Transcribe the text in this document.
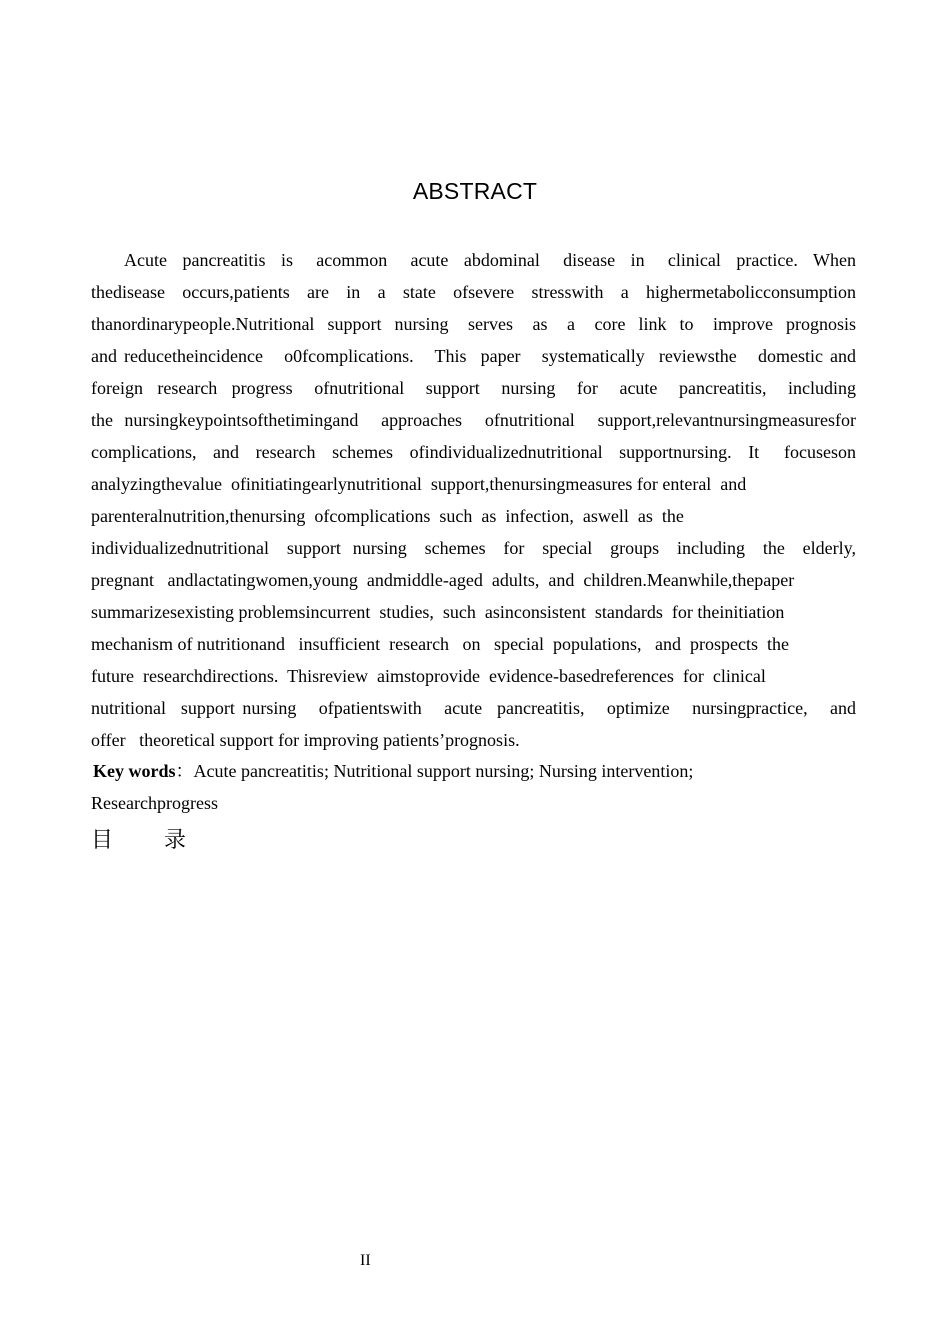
ABSTRACT
Acute  pancreatitis  is   acommon   acute  abdominal   disease  in   clinical  practice.  When
thedisease  occurs,patients  are  in  a  state  ofsevere  stresswith  a  highermetabolicconsumption
thanordinarypeople.Nutritional  support  nursing   serves   as   a   core  link  to   improve  prognosis
and reducetheincidence   o0fcomplications.   This  paper   systematically  reviewsthe   domestic and
foreign  research  progress   ofnutritional   support   nursing   for   acute   pancreatitis,   including
the nursingkeypointsofthetimingand  approaches  ofnutritional  support,relevantnursingmeasuresfor
complications,  and  research  schemes  ofindividualizednutritional  supportnursing.  It   focuseson
analyzingthevalue  ofinitiatingearlynutritional  support,thenursingmeasures for enteral  and
parenteralnutrition,thenursing  ofcomplications  such  as  infection,  aswell  as  the
individualizednutritional   support  nursing   schemes   for   special   groups   including   the   elderly,
pregnant   andlactatingwomen,young  andmiddle-aged  adults,  and  children.Meanwhile,thepaper
summarizesexisting problemsincurrent  studies,  such  asinconsistent  standards  for theinitiation
mechanism of nutritionand   insufficient  research   on   special  populations,   and  prospects  the
future  researchdirections.  Thisreview  aimstoprovide  evidence-basedreferences  for  clinical
nutritional  support nursing   ofpatientswith   acute  pancreatitis,   optimize   nursingpractice,   and
offer   theoretical support for improving patients’prognosis.
Key words：Acute pancreatitis; Nutritional support nursing; Nursing intervention;
Researchprogress
目 录
II
